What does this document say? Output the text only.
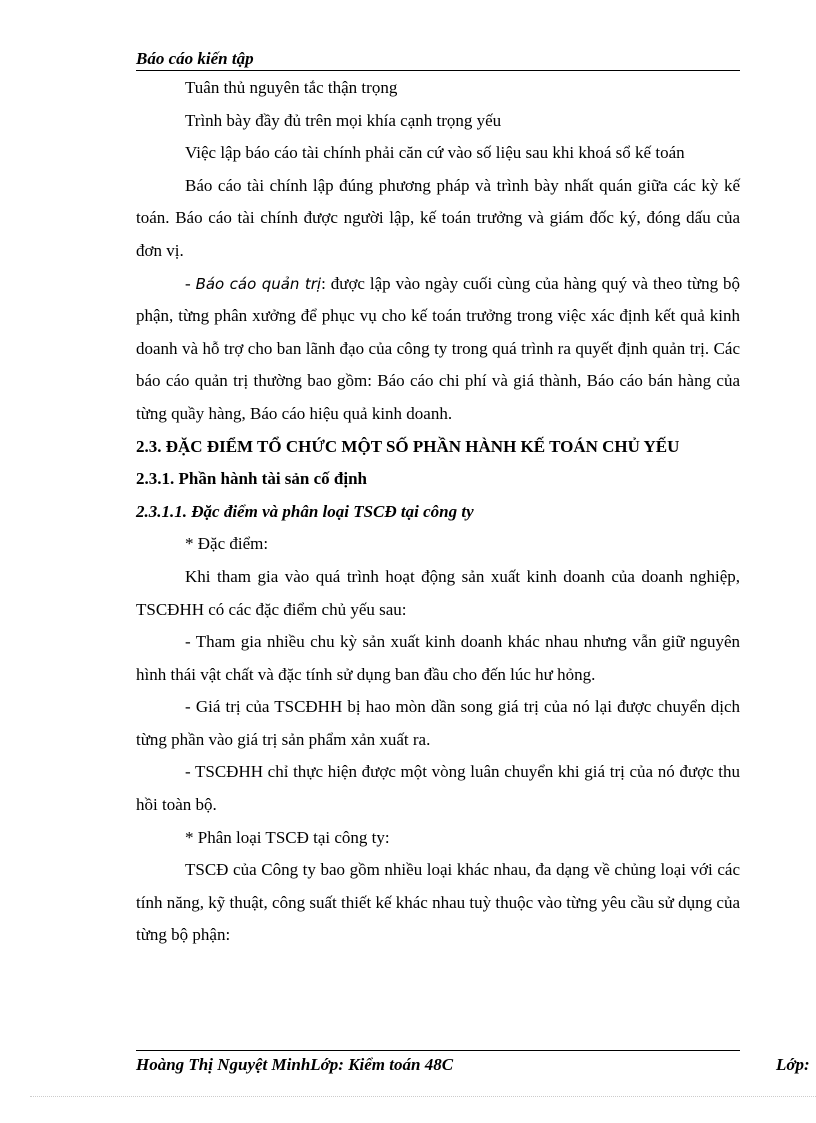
Báo cáo kiến tập

Tuân thủ nguyên tắc thận trọng

Trình bày đầy đủ trên mọi khía cạnh trọng yếu

Việc lập báo cáo tài chính phải căn cứ vào số liệu sau khi khoá sổ kế toán

Báo cáo tài chính lập đúng phương pháp và trình bày nhất quán giữa các kỳ kế toán. Báo cáo tài chính được người lập, kế toán trưởng và giám đốc ký, đóng dấu của đơn vị.

- Báo cáo quản trị: được lập vào ngày cuối cùng của hàng quý và theo từng bộ phận, từng phân xưởng để phục vụ cho kế toán trưởng trong việc xác định kết quả kinh doanh và hỗ trợ cho ban lãnh đạo của công ty trong quá trình ra quyết định quản trị. Các báo cáo quản trị thường bao gồm: Báo cáo chi phí và giá thành, Báo cáo bán hàng của từng quầy hàng, Báo cáo hiệu quả kinh doanh.

2.3. ĐẶC ĐIỂM TỔ CHỨC MỘT SỐ PHẦN HÀNH KẾ TOÁN CHỦ YẾU

2.3.1. Phần hành tài sản cố định

2.3.1.1. Đặc điểm và phân loại TSCĐ tại công ty

* Đặc điểm:

Khi tham gia vào quá trình hoạt động sản xuất kinh doanh của doanh nghiệp, TSCĐHH có các đặc điểm chủ yếu sau:

- Tham gia nhiều chu kỳ sản xuất kinh doanh khác nhau nhưng vẫn giữ nguyên hình thái vật chất và đặc tính sử dụng ban đầu cho đến lúc hư hỏng.

- Giá trị của TSCĐHH bị hao mòn dần song giá trị của nó lại được chuyển dịch từng phần vào giá trị sản phẩm xản xuất ra.

- TSCĐHH chỉ thực hiện được một vòng luân chuyển khi giá trị của nó được thu hồi toàn bộ.

* Phân loại TSCĐ tại công ty:

TSCĐ của Công ty bao gồm nhiều loại khác nhau, đa dạng về chủng loại với các tính năng, kỹ thuật, công suất thiết kế khác nhau tuỳ thuộc vào từng yêu cầu sử dụng của từng bộ phận:

Hoàng Thị Nguyệt MinhLớp: Kiểm toán 48C	Lớp:
